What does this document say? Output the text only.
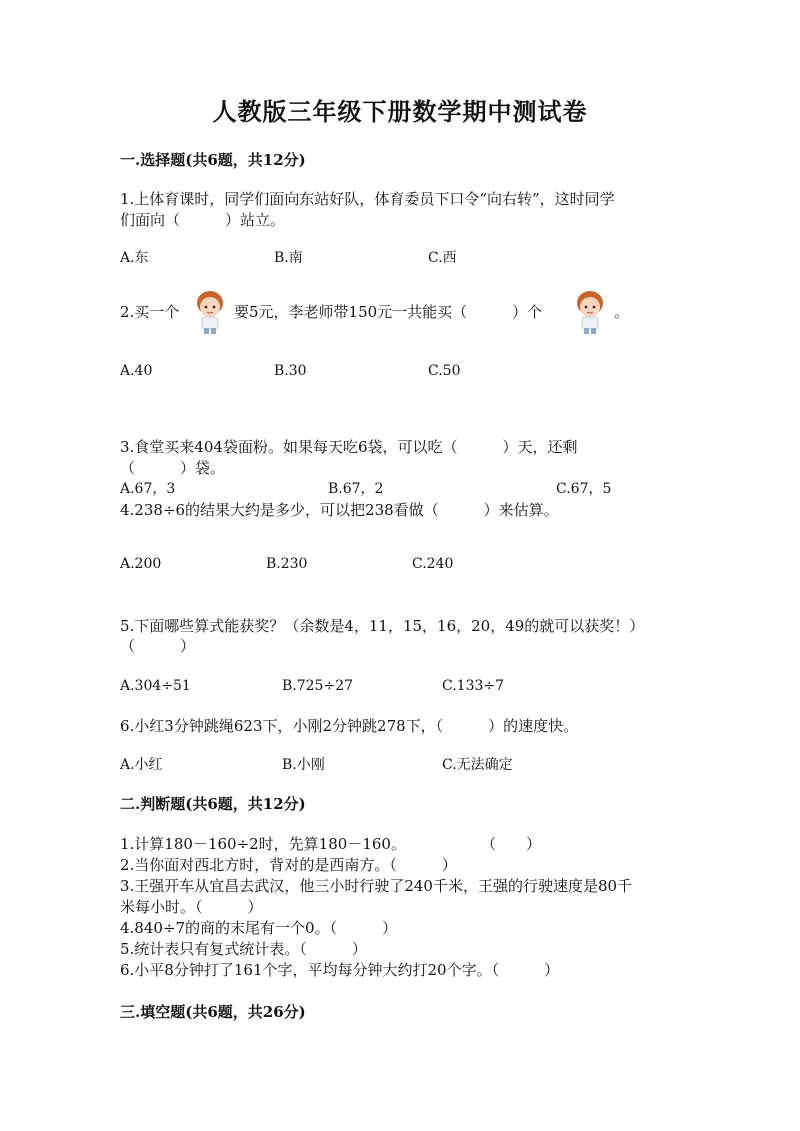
人教版三年级下册数学期中测试卷
一.选择题(共6题，共12分)
1.上体育课时，同学们面向东站好队，体育委员下口令“向右转”，这时同学
们面向（　　　）站立。
A.东	B.南	C.西
2.买一个	要5元，李老师带150元一共能买（　　　）个	。
A.40	B.30	C.50
3.食堂买来404袋面粉。如果每天吃6袋，可以吃（　　　）天，还剩
（　　　）袋。
A.67，3	B.67，2	C.67，5
4.238÷6的结果大约是多少，可以把238看做（　　　）来估算。
A.200	B.230	C.240
5.下面哪些算式能获奖？（余数是4，11，15，16，20，49的就可以获奖！）
（　　　）
A.304÷51	B.725÷27	C.133÷7
6.小红3分钟跳绳623下，小刚2分钟跳278下，（　　　）的速度快。
A.小红	B.小刚	C.无法确定
二.判断题(共6题，共12分)
1.计算180－160÷2时，先算180－160。　　　　　　（　　）
2.当你面对西北方时，背对的是西南方。（　　　）
3.王强开车从宜昌去武汉，他三小时行驶了240千米，王强的行驶速度是80千
米每小时。（　　　）
4.840÷7的商的末尾有一个0。（　　　）
5.统计表只有复式统计表。（　　　）
6.小平8分钟打了161个字，平均每分钟大约打20个字。（　　　）
三.填空题(共6题，共26分)
